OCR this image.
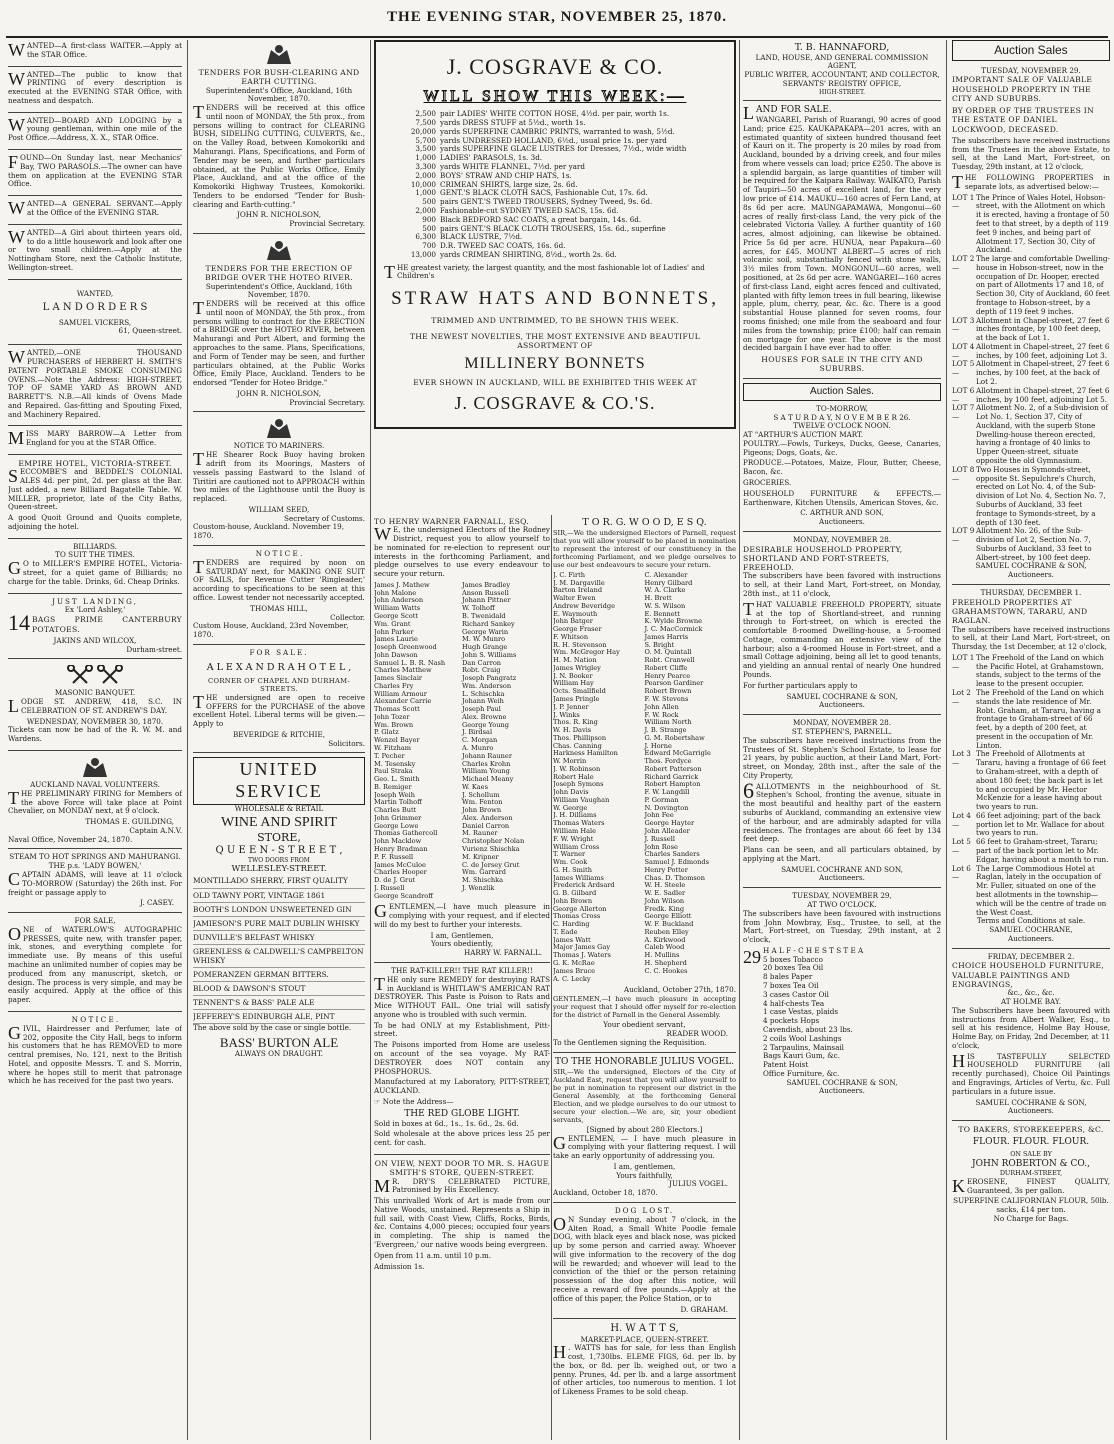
THE EVENING STAR, NOVEMBER 25, 1870.

WANTED—A first-class WAITER.—Apply at the STAR Office.

WANTED—The public to know that PRINTING of every description is executed at the EVENING STAR Office, with neatness and despatch.

WANTED—BOARD AND LODGING by a young gentleman, within one mile of the Post Office.—Address, X. X., STAR Office.

FOUND—On Sunday last, near Mechanics' Bay, TWO PARASOLS.—The owner can have them on application at the EVENING STAR Office.

WANTED—A GENERAL SERVANT.—Apply at the Office of the EVENING STAR.

WANTED—A Girl about thirteen years old, to do a little housework and look after one or two small children.—Apply at the Nottingham Store, next the Catholic Institute, Wellington-street.

WANTED,
L A N D O R D E R S
SAMUEL VICKERS,
61, Queen-street.

WANTED,—ONE THOUSAND PURCHASERS of HERBERT H. SMITH'S PATENT PORTABLE SMOKE CONSUMING OVENS.—Note the Address: HIGH-STREET, TOP OF SAME YARD AS BROWN AND BARRETT'S. N.B.—All kinds of Ovens Made and Repaired. Gas-fitting and Spouting Fixed, and Machinery Repaired.

MISS MARY BARROW—A Letter from England for you at the STAR Office.

EMPIRE HOTEL, VICTORIA-STREET.

SECCOMBE'S and BEDDEL'S COLONIAL ALES 4d. per pint, 2d. per glass at the Bar. Just added, a new Billiard Bagatelle Table. W. MILLER, proprietor, late of the City Baths, Queen-street.

A good Quoit Ground and Quoits complete, adjoining the hotel.

BILLIARDS.
TO SUIT THE TIMES.

G O to MILLER'S EMPIRE HOTEL, Victoria-street, for a quiet game of Billiards; no charge for the table. Drinks, 6d. Cheap Drinks.

JUST LANDING,
Ex 'Lord Ashley,'

14 BAGS PRIME CANTERBURY POTATOES.

JAKINS AND WILCOX,
Durham-street.
MASONIC BANQUET.

LODGE ST. ANDREW, 418, S.C. IN CELEBRATION OF ST. ANDREW'S DAY.

WEDNESDAY, NOVEMBER 30, 1870.

Tickets can now be had of the R. W. M. and Wardens.

AUCKLAND NAVAL VOLUNTEERS.

THE PRELIMINARY FIRING for Members of the above Force will take place at Point Chevalier, on MONDAY next, at 9 o'clock.

THOMAS E. GUILDING,
Captain A.N.V.
Naval Office, November 24, 1870.
STEAM TO HOT SPRINGS AND MAHURANGI.
THE p.s. 'LADY BOWEN,'

CAPTAIN ADAMS, will leave at 11 o'clock TO-MORROW (Saturday) the 26th inst. For freight or passage apply to

J. CASEY.
FOR SALE,

ONE of WATERLOW'S AUTOGRAPHIC PRESSES, quite new, with transfer paper, ink, stones, and everything complete for immediate use. By means of this useful machine an unlimited number of copies may be produced from any manuscript, sketch, or design. The process is very simple, and may be easily acquired. Apply at the office of this paper.

N O T I C E .

GIVIL, Hairdresser and Perfumer, late of 202, opposite the City Hall, begs to inform his customers that he has REMOVED to more central premises, No. 121, next to the British Hotel, and opposite Messrs. T. and S. Morrin, where he hopes still to merit that patronage which he has received for the past two years.

TENDERS FOR BUSH-CLEARING AND EARTH CUTTING.
Superintendent's Office, Auckland, 16th November, 1870.

TENDERS will be received at this office until noon of MONDAY, the 5th prox., from persons willing to contract for CLEARING BUSH, SIDELING CUTTING, CULVERTS, &c., on the Valley Road, between Komokoriki and Mahurangi. Plans, Specifications, and Form of Tender may be seen, and further particulars obtained, at the Public Works Office, Emily Place, Auckland, and at the office of the Komokoriki Highway Trustees, Komokoriki. Tenders to be endorsed "Tender for Bush-clearing and Earth-cutting."

JOHN R. NICHOLSON,
Provincial Secretary.
TENDERS FOR THE ERECTION OF BRIDGE OVER THE HOTEO RIVER.
Superintendent's Office, Auckland, 16th November, 1870.

TENDERS will be received at this office until noon of MONDAY, the 5th prox., from persons willing to contract for the ERECTION of a BRIDGE over the HOTEO RIVER, between Mahurangi and Port Albert, and forming the approaches to the same. Plans, Specifications, and Form of Tender may be seen, and further particulars obtained, at the Public Works Office, Emily Place, Auckland. Tenders to be endorsed "Tender for Hoteo Bridge."

JOHN R. NICHOLSON,
Provincial Secretary.
NOTICE TO MARINERS.

THE Shearer Rock Buoy having broken adrift from its Moorings, Masters of vessels passing Eastward to the Island of Tiritiri are cautioned not to APPROACH within two miles of the Lighthouse until the Buoy is replaced.

WILLIAM SEED,
Secretary of Customs.
Coustom-house, Auckland. November 19, 1870.
N O T I C E .

TENDERS are required by noon on SATURDAY next, for MAKING ONE SUIT OF SAILS, for Revenue Cutter 'Ringleader,' according to specifications to be seen at this office. Lowest tender not necessarily accepted.

THOMAS HILL,
Collector.
Custom House, Auckland, 23rd November, 1870.
FOR SALE.
A L E X A N D R A H O T E L ,
CORNER OF CHAPEL AND DURHAM-STREETS.

THE undersigned are open to receive OFFERS for the PURCHASE of the above excellent Hotel. Liberal terms will be given.—Apply to

BEVERIDGE & RITCHIE,
Solicitors.
UNITED SERVICE
WHOLESALE & RETAIL
WINE AND SPIRIT
STORE,
Q U E E N - S T R E E T ,
TWO DOORS FROM
WELLESLEY-STREET.
MONTILLADO SHERRY, FIRST QUALITY
OLD TAWNY PORT, VINTAGE 1861
BOOTH'S LONDON UNSWEETENED GIN
JAMIESON'S PURE MALT DUBLIN WHISKY
DUNVILLE'S BELFAST WHISKY
GREENLESS & CALDWELL'S CAMPBELTON WHISKY
POMERANZEN GERMAN BITTERS.
BLOOD & DAWSON'S STOUT
TENNENT'S & BASS' PALE ALE
JEFFEREY'S EDINBURGH ALE, PINT

The above sold by the case or single bottle.

BASS' BURTON ALE
ALWAYS ON DRAUGHT.
J. COSGRAVE & CO.
WILL SHOW THIS WEEK:—
2,500 pair LADIES' WHITE COTTON HOSE, 4½d. per pair, worth 1s.
7,500 yards DRESS STUFF at 5½d., worth 1s.
20,000 yards SUPERFINE CAMBRIC PRINTS, warranted to wash, 5½d.
5,700 yards UNDRESSED HOLLAND, 6½d., usual price 1s. per yard
3,500 yards SUPERFINE GLACE LUSTRES for Dresses, 7½d., wide width
1,000 LADIES' PARASOLS, 1s. 3d.
3,300 yards WHITE FLANNEL, 7½d. per yard
2,000 BOYS' STRAW AND CHIP HATS, 1s.
10,000 CRIMEAN SHIRTS, large size, 2s. 6d.
1,000 GENT.'S BLACK CLOTH SACS, Fashionable Cut, 17s. 6d.
500 pairs GENT.'S TWEED TROUSERS, Sydney Tweed, 9s. 6d.
2,000 Fashionable-cut SYDNEY TWEED SACS, 15s. 6d.
900 Black BEDFORD SAC COATS, a great bargain, 14s. 6d.
500 pairs GENT.'S BLACK CLOTH TROUSERS, 15s. 6d., superfine
6,300 BLACK LUSTRE, 7½d.
700 D.R. TWEED SAC COATS, 16s. 6d.
13,000 yards CRIMEAN SHIRTING, 8½d., worth 2s. 6d.

THE greatest variety, the largest quantity, and the most fashionable lot of Ladies' and Children's

STRAW HATS AND BONNETS,
TRIMMED AND UNTRIMMED, TO BE SHOWN THIS WEEK.
THE NEWEST NOVELTIES, THE MOST EXTENSIVE AND BEAUTIFUL ASSORTMENT OF
MILLINERY BONNETS
EVER SHOWN IN AUCKLAND, WILL BE EXHIBITED THIS WEEK AT
J. COSGRAVE & CO.'S.
TO HENRY WARNER FARNALL, ESQ.

W E, the undersigned Electors of the Rodney District, request you to allow yourself to be nominated for re-election to represent our interests in the forthcoming Parliament, and pledge ourselves to use every endeavour to secure your return.

James J. Mathew	James Bradley
John Malone	Anson Russell
John Anderson	Johann Pittner
William Watts	W. Tolhoff
George Scott	B. Twenidald
Wm. Grant	Richard Sankey
John Parker	George Warin
James Laurie	M. W. Munro
Joseph Greenwood	Hugh Grange
John Dawson	John S. Williams
Samuel L. B. R. Nash	Dan Carron
Charles Matthew	Robt. Craig
James Sinclair	Joseph Pangratz
Charles Fry	Wm. Anderson
William Armour	L. Schischka
Alexander Carrie	Johann Weih
Thomas Scott	Joseph Paul
John Tozer	Alex. Browne
Wm. Brown	George Young
P. Glatz	J. Birdsal
Wenzel Bayer	C. Morgan
W. Fitzham	A. Munro
T. Pecher	Johann Rauner
M. Tesensky	Charles Krohn
Paul Straka	William Young
Geo. L. Smith	Michael Meany
B. Remiger	W. Kaes
Joseph Weih	J. Schollum
Martin Tolhoff	Wm. Fenton
Charles Butt	John Brown
John Grimmer	Alex. Anderson
George Lowe	Daniel Carron
Thomas Gathercoll	M. Rauner
John Macklow	Christopher Nolan
Henry Bradman	Vurienz Shischka
P. F. Russell	M. Kripner
James McCuloe	C. de Jersey Grut
Charles Hooper	Wm. Garrard
D. de J. Grut	M. Shischka
J. Russell	J. Wenzlik
George Scandroff

GENTLEMEN,—I have much pleasure in complying with your request, and if elected will do my best to further your interests.

I am, Gentlemen,
Yours obediently,
HARRY W. FARNALL.
THE RAT-KILLER!! THE RAT KILLER!!

THE only sure REMEDY for destroying RATS in Auckland is WHITLAW'S AMERICAN RAT DESTROYER. This Paste is Poison to Rats and Mice WITHOUT FAIL. One trial will satisfy anyone who is troubled with such vermin.

To be had ONLY at my Establishment, Pitt-street.

The Poisons imported from Home are useless on account of the sea voyage. My RAT-DESTROYER does NOT contain any PHOSPHORUS.

Manufactured at my Laboratory, PITT-STREET, AUCKLAND.

☞ Note the Address—

THE RED GLOBE LIGHT.

Sold in boxes at 6d., 1s., 1s. 6d., 2s. 6d.

Sold wholesale at the above prices less 25 per cent. for cash.

ON VIEW, NEXT DOOR TO MR. S. HAGUE SMITH'S STORE, QUEEN-STREET.

M R. DRY'S CELEBRATED PICTURE, Patronised by His Excellency.

This unrivalled Work of Art is made from our Native Woods, unstained. Represents a Ship in full sail, with Coast View, Cliffs, Rocks, Birds, &c. Contains 4,000 pieces; occupied four years in completing. The ship is named the 'Evergreen,' our native woods being evergreen.

Open from 11 a.m. until 10 p.m.

Admission 1s.

T O R. G. W O O D, E S Q.

SIR,—We the undersigned Electors of Parnell, request that you will allow yourself to be placed in nomination to represent the interest of our constituency in the forthcoming Parliament, and we pledge ourselves to use our best endeavours to secure your return.

J. C. Firth	C. Alexander
J. M. Dargaville	Henry Gilbard
Barton Ireland	W. A. Clarke
Walter Ewen	H. Brett
Andrew Beveridge	W. S. Wilson
E. Waymouth	E. Bennett
John Batger	K. Wylde Browne
George Fraser	J. C. MacCormick
F. Whitson	James Harris
R. H. Stevenson	S. Bright
Wm. McGregor Hay	O. M. Quintall
H. M. Nation	Robt. Cranwell
James Wrigley	Robert Cliffe
J. N. Booker	Henry Pearce
William Hay	Pearson Gardiner
Octs. Smallfield	Robert Brown
James Pringle	F. W. Stevens
J. P. Jenner	John Allen
J. Winks	F. W. Rock
Thos. R. King	William North
W. H. Davis	J. B. Strange
Thos. Phillipson	G. M. Robertshaw
Chas. Canning	J. Horne
Harkness Hamilton	Edward McGarrigle
W. Morrin	Thos. Fordyce
J. W. Robinson	Robert Patterson
Robert Hale	Richard Garrick
Joseph Symons	Robert Hampton
John Davis	F. W. Langdill
William Vaughan	P. Gorman
W. George	N. Dovington
J. H. Dilliams	John Fee
Thomas Waters	George Hayter
William Hale	John Alleader
F. W. Wright	J. Russell
William Cross	John Rose
T. Warner	Charles Sanders
Wm. Cook	Samuel J. Edmonds
G. H. Smith	Henry Potter
James Williams	Chas. D. Thomson
Frederick Ardsard	W. H. Steele
G. B. Gilbard	W. E. Sadler
John Brown	John Wilson
George Allerton	Fredk. King
Thomas Cross	George Elliott
C. Harding	W. F. Buckland
T. Eade	Reuben Elley
James Watt	A. Kirkwood
Major James Gay	Caleb Wood
Thomas J. Waters	H. Mullins
G. K. McRae	H. Shepherd
James Bruce	C. C. Hookes
A. C. Lecky
Auckland, October 27th, 1870.

GENTLEMEN,—I have much pleasure in accepting your request that I should offer myself for re-election for the district of Parnell in the General Assembly.

Your obedient servant,
READER WOOD.
To the Gentlemen signing the Requisition.
TO THE HONORABLE JULIUS VOGEL.

SIR,—We the undersigned, Electors of the City of Auckland East, request that you will allow yourself to be put in nomination to represent our district in the General Assembly, at the forthcoming General Election, and we pledge ourselves to do our utmost to secure your election.—We are, sir, your obedient servants,

[Signed by about 280 Electors.]

GENTLEMEN, — I have much pleasure in complying with your flattering request. I will take an early opportunity of addressing you.

I am, gentlemen,
Yours faithfully,
JULIUS VOGEL.
Auckland, October 18, 1870.
DOG LOST.

O N Sunday evening, about 7 o'clock, in the Alten Road, a Small White Poodle female DOG, with black eyes and black nose, was picked up by some person and carried away. Whoever will give information to the recovery of the dog will be rewarded; and whoever will lead to the conviction of the thief or the person retaining possession of the dog after this notice, will receive a reward of five pounds.—Apply at the office of this paper, the Police Station, or to

D. GRAHAM.
H. W A T T S,
MARKET-PLACE, QUEEN-STREET.

H . WATTS has for sale, for less than English cost, 1,730lbs. ELEME FIGS, 6d. per lb. by the box, or 8d. per lb. weighed out, or two a penny. Prunes, 4d. per lb. and a large assortment of other articles, too numerous to mention. 1 lot of Likeness Frames to be sold cheap.

T. B. HANNAFORD,
LAND, HOUSE, AND GENERAL COMMISSION AGENT,
PUBLIC WRITER, ACCOUNTANT, AND COLLECTOR,
SERVANTS' REGISTRY OFFICE,
HIGH-STREET.
LAND FOR SALE.

WANGAREI, Parish of Ruarangi, 90 acres of good Land; price £25. KAUKAPAKAPA—201 acres, with an estimated quantity of sixteen hundred thousand feet of Kauri on it. The property is 20 miles by road from Auckland, bounded by a driving creek, and four miles from where vessels can load; price £250. The above is a splendid bargain, as large quantities of timber will be required for the Kaipara Railway. WAIKATO, Parish of Taupiri—50 acres of excellent land, for the very low price of £14. MAUKU—160 acres of Fern Land, at 8s 6d per acre. MAUNGAPAMAWA, Mongonui—60 acres of really first-class Land, the very pick of the celebrated Victoria Valley. A further quantity of 160 acres, almost adjoining, can likewise be obtained. Price 5s 6d per acre. HUNUA, near Papakura—60 acres, for £45. MOUNT ALBERT—5 acres of rich volcanic soil, substantially fenced with stone walls, 3½ miles from Town. MONGONUI—60 acres, well positioned, at 2s 6d per acre. WANGAREI—160 acres of first-class Land, eight acres fenced and cultivated, planted with fifty lemon trees in full bearing, likewise apple, plum, cherry, pear, &c. &c. There is a good substantial House planned for seven rooms, four rooms finished; one mile from the seaboard and four miles from the township; price £100; half can remain on mortgage for one year. The above is the most decided bargain I have ever had to offer.

HOUSES FOR SALE IN THE CITY AND SUBURBS.
Auction Sales.
TO-MORROW,
S A T U R D A Y, N O V E M B E R 26.
TWELVE O'CLOCK NOON.
AT "ARTHUR'S AUCTION MART.

POULTRY.—Fowls, Turkeys, Ducks, Geese, Canaries, Pigeons; Dogs, Goats, &c.

PRODUCE.—Potatoes, Maize, Flour, Butter, Cheese, Bacon, &c.

GROCERIES.

HOUSEHOLD FURNITURE & EFFECTS.—Earthenware, Kitchen Utensils, American Stoves, &c.

C. ARTHUR AND SON,
Auctioneers.
MONDAY, NOVEMBER 28.
DESIRABLE HOUSEHOLD PROPERTY, SHORTLAND AND FORT-STREETS, FREEHOLD.

The subscribers have been favored with instructions to sell, at their Land Mart, Fort-street, on Monday, 28th inst., at 11 o'clock,

THAT VALUABLE FREEHOLD PROPERTY, situate at the top of Shortland-street, and running through to Fort-street, on which is erected the comfortable 8-roomed Dwelling-house, a 5-roomed Cottage, commanding an extensive view of the harbour; also a 4-roomed House in Fort-street, and a small Cottage adjoining, being all let to good tenants, and yielding an annual rental of nearly One hundred Pounds.

For further particulars apply to

SAMUEL COCHRANE & SON,
Auctioneers.
MONDAY, NOVEMBER 28.
ST. STEPHEN'S, PARNELL.

The subscribers have received instructions from the Trustees of St. Stephen's School Estate, to lease for 21 years, by public auction, at their Land Mart, Fort-street, on Monday, 28th inst., after the sale of the City Property,

6 ALLOTMENTS in the neighbourhood of St. Stephen's School, fronting the avenue, situate in the most beautiful and healthy part of the eastern suburbs of Auckland, commanding an extensive view of the harbour, and are admirably adapted for villa residences. The frontages are about 66 feet by 134 feet deep.

Plans can be seen, and all particulars obtained, by applying at the Mart.

SAMUEL COCHRANE AND SON,
Auctioneers.
TUESDAY, NOVEMBER 29,
AT TWO O'CLOCK.

The subscribers have been favoured with instructions from John Mowbray, Esq., Trustee, to sell, at the Mart, Fort-street, on Tuesday, 29th instant, at 2 o'clock,

29 H A L F - C H E S T S T E A
5 boxes Tobacco
20 boxes Tea Oil
8 bales Paper
7 boxes Tea Oil
3 cases Castor Oil
4 half-chests Tea
1 case Vestas, plaids
4 pockets Hops
Cavendish, about 23 lbs.
2 coils Wool Lashings
2 Tarpaulins, Mainsail
Bags Kauri Gum, &c.
Patent Hoist
Office Furniture, &c.
SAMUEL COCHRANE & SON,
Auctioneers.
Auction Sales
TUESDAY, NOVEMBER 29.
IMPORTANT SALE OF VALUABLE HOUSEHOLD PROPERTY IN THE CITY AND SUBURBS.
BY ORDER OF THE TRUSTEES IN THE ESTATE OF DANIEL LOCKWOOD, DECEASED.

The subscribers have received instructions from the Trustees in the above Estate, to sell, at the Land Mart, Fort-street, on Tuesday, 29th instant, at 12 o'clock,

THE FOLLOWING PROPERTIES in separate lots, as advertised below:—

LOT 1—
The Prince of Wales Hotel, Hobson-street, with the Allotment on which it is erected, having a frontage of 50 feet to that street, by a depth of 119 feet 9 inches, and being part of Allotment 17, Section 30, City of Auckland.
LOT 2—
The large and comfortable Dwelling-house in Hobson-street, now in the occupation of Dr. Hooper, erected on part of Allotments 17 and 18, of Section 30, City of Auckland, 60 feet frontage to Hobson-street, by a depth of 119 feet 9 inches.
LOT 3—
Allotment in Chapel-street, 27 feet 6 inches frontage, by 100 feet deep, at the back of Lot 1.
LOT 4—
Allotment in Chapel-street, 27 feet 6 inches, by 100 feet, adjoining Lot 3.
LOT 5—
Allotment in Chapel-street, 27 feet 6 inches, by 100 feet, at the back of Lot 2.
LOT 6—
Allotment in Chapel-street, 27 feet 6 inches, by 100 feet, adjoining Lot 5.
LOT 7—
Allotment No. 2, of a Sub-division of Lot No. 1, Section 37, City of Auckland, with the superb Stone Dwelling-house thereon erected, having a frontage of 40 links to Upper Queen-street, situate opposite the old Gymnasium.
LOT 8—
Two Houses in Symonds-street, opposite St. Sepulchre's Church, erected on Lot No. 4, of the Sub-division of Lot No. 4, Section No. 7, Suburbs of Auckland, 33 feet frontage to Symonds-street, by a depth of 130 feet.
LOT 9—
Allotment No. 26, of the Sub-division of Lot 2, Section No. 7, Suburbs of Auckland, 33 feet to Albert-street, by 100 feet deep.
SAMUEL COCHRANE & SON,
Auctioneers.
THURSDAY, DECEMBER 1.
FREEHOLD PROPERTIES AT GRAHAMSTOWN, TARARU, AND RAGLAN.

The subscribers have received instructions to sell, at their Land Mart, Fort-street, on Thursday, the 1st December, at 12 o'clock,

LOT 1—
The Freehold of the Land on which the Pacific Hotel, at Grahamstown, stands, subject to the terms of the lease to the present occupier.
Lot 2—
The Freehold of the Land on which stands the late residence of Mr. Robt. Graham, at Tararu, having a frontage to Graham-street of 66 feet, by a depth of 200 feet, at present in the occupation of Mr. Linton.
Lot 3—
The Freehold of Allotments at Tararu, having a frontage of 66 feet to Graham-street, with a depth of about 180 feet; the back part is let to and occupied by Mr. Hector McKenzie for a lease having about two years to run.
Lot 4—
66 feet adjoining; part of the back portion let to Mr. Wallace for about two years to run.
Lot 5—
66 feet to Graham-street, Tararu; part of the back portion let to Mr. Edgar, having about a month to run.
Lot 6—
The Large Commodious Hotel at Raglan, lately in the occupation of Mr. Fuller, situated on one of the best allotments in the township—which will be the centre of trade on the West Coast.
Terms and Conditions at sale.
SAMUEL COCHRANE,
Auctioneers.
FRIDAY, DECEMBER 2.
CHOICE HOUSEHOLD FURNITURE, VALUABLE PAINTINGS AND ENGRAVINGS,
&c., &c., &c.
AT HOLME BAY.

The Subscribers have been favoured with instructions from Albert Walker, Esq., to sell at his residence, Holme Bay House, Holme Bay, on Friday, 2nd December, at 11 o'clock,

HIS TASTEFULLY SELECTED HOUSEHOLD FURNITURE (all recently purchased), Choice Oil Paintings and Engravings, Articles of Vertu, &c. Full particulars in a future issue.

SAMUEL COCHRANE & SON,
Auctioneers.
TO BAKERS, STOREKEEPERS, &C.
FLOUR. FLOUR. FLOUR.
ON SALE BY
JOHN ROBERTON & CO.,
DURHAM-STREET,

KEROSENE, FINEST QUALITY, Guaranteed, 3s per gallon.

SUPERFINE CALIFORNIAN FLOUR, 50lb. sacks, £14 per ton.
No Charge for Bags.
